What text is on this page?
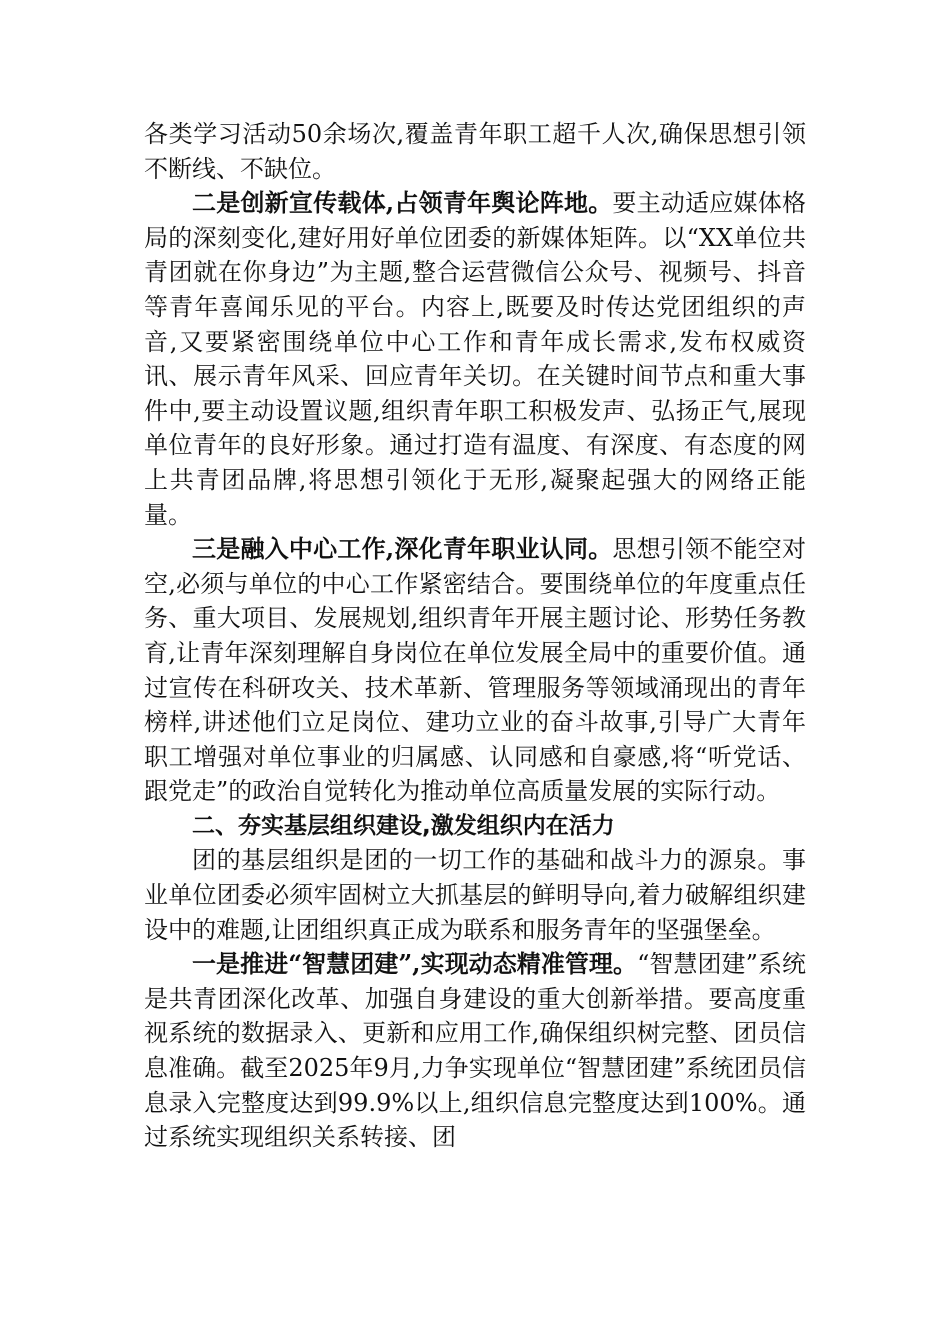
各类学习活动50余场次,覆盖青年职工超千人次,确保思想引领不断线、不缺位。

二是创新宣传载体,占领青年舆论阵地。要主动适应媒体格局的深刻变化,建好用好单位团委的新媒体矩阵。以“XX单位共青团就在你身边”为主题,整合运营微信公众号、视频号、抖音等青年喜闻乐见的平台。内容上,既要及时传达党团组织的声音,又要紧密围绕单位中心工作和青年成长需求,发布权威资讯、展示青年风采、回应青年关切。在关键时间节点和重大事件中,要主动设置议题,组织青年职工积极发声、弘扬正气,展现单位青年的良好形象。通过打造有温度、有深度、有态度的网上共青团品牌,将思想引领化于无形,凝聚起强大的网络正能量。

三是融入中心工作,深化青年职业认同。思想引领不能空对空,必须与单位的中心工作紧密结合。要围绕单位的年度重点任务、重大项目、发展规划,组织青年开展主题讨论、形势任务教育,让青年深刻理解自身岗位在单位发展全局中的重要价值。通过宣传在科研攻关、技术革新、管理服务等领域涌现出的青年榜样,讲述他们立足岗位、建功立业的奋斗故事,引导广大青年职工增强对单位事业的归属感、认同感和自豪感,将“听党话、跟党走”的政治自觉转化为推动单位高质量发展的实际行动。

二、夯实基层组织建设,激发组织内在活力

团的基层组织是团的一切工作的基础和战斗力的源泉。事业单位团委必须牢固树立大抓基层的鲜明导向,着力破解组织建设中的难题,让团组织真正成为联系和服务青年的坚强堡垒。

一是推进“智慧团建”,实现动态精准管理。“智慧团建”系统是共青团深化改革、加强自身建设的重大创新举措。要高度重视系统的数据录入、更新和应用工作,确保组织树完整、团员信息准确。截至2025年9月,力争实现单位“智慧团建”系统团员信息录入完整度达到99.9%以上,组织信息完整度达到100%。通过系统实现组织关系转接、团
